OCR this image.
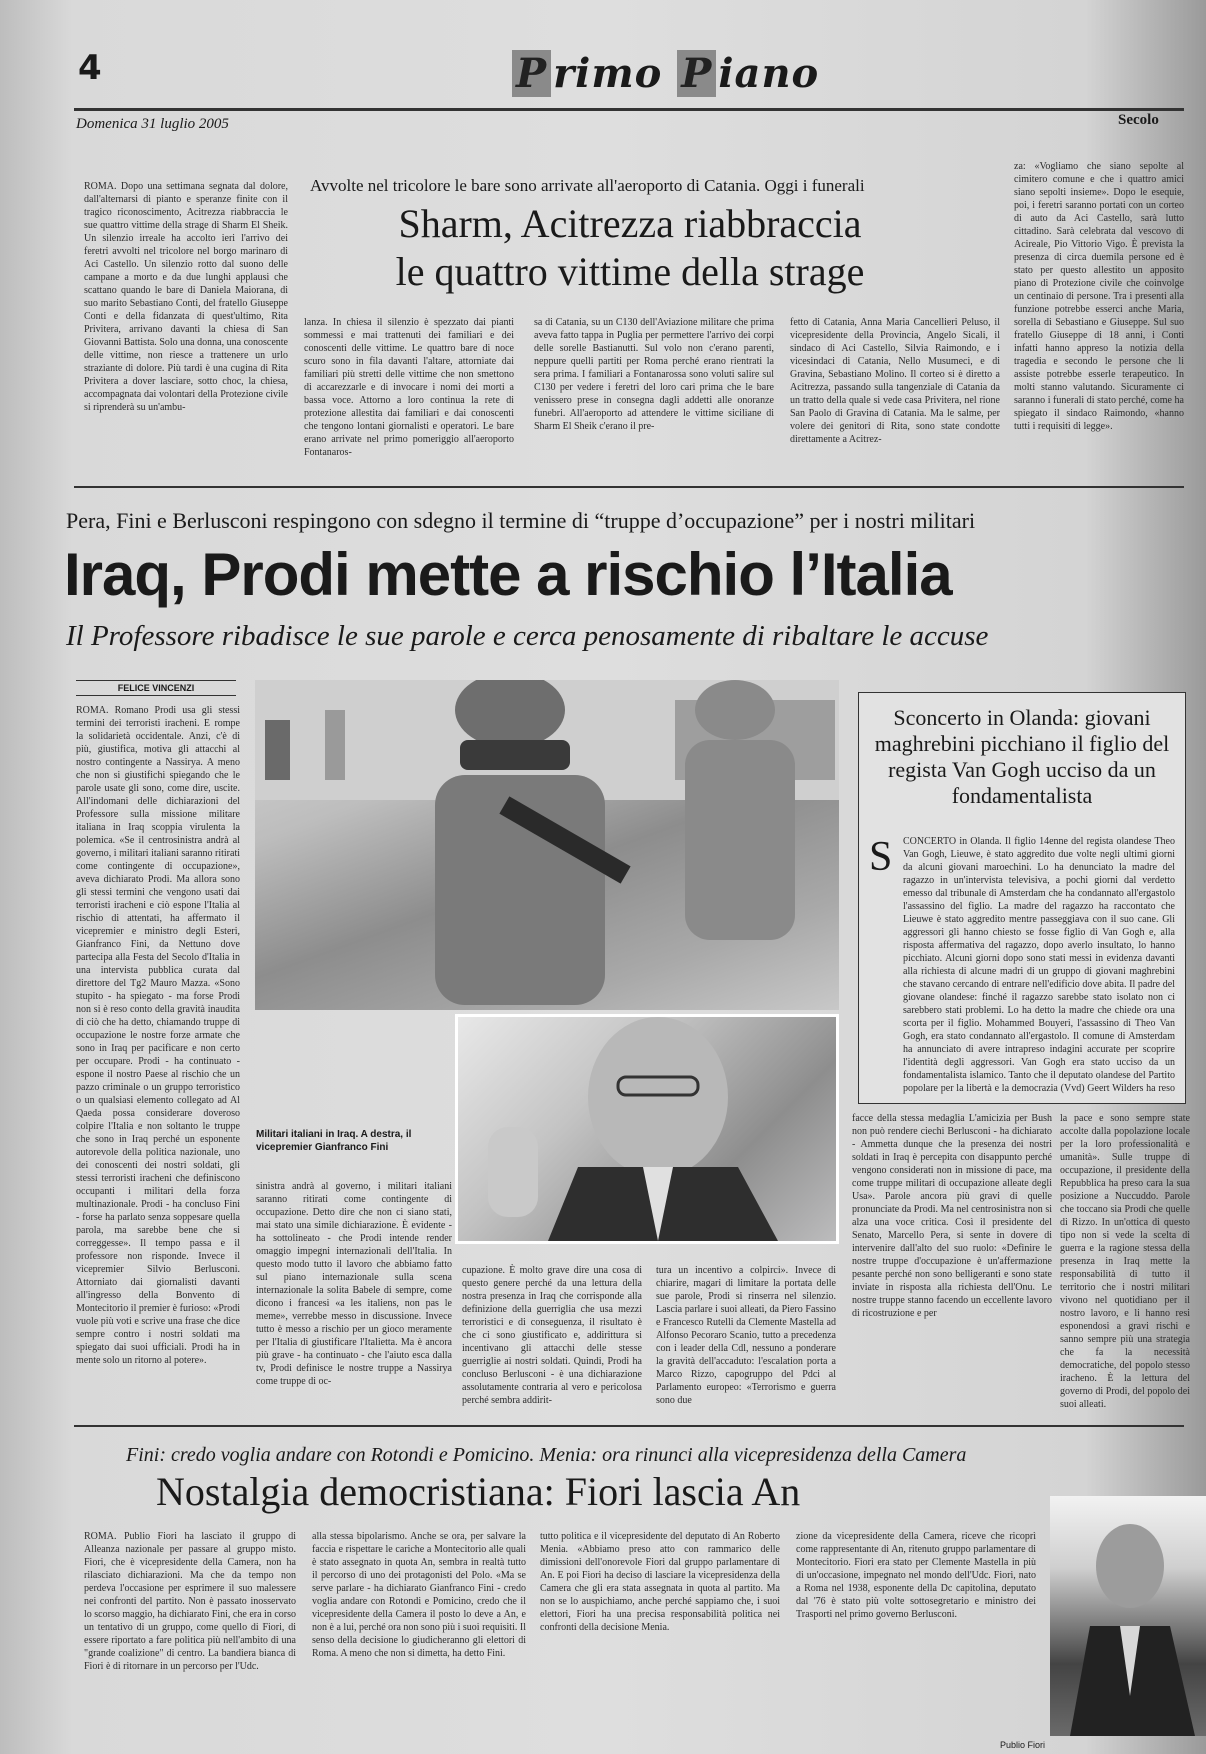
4	P rimo P iano
Domenica 31 luglio 2005	Secolo
ROMA. Dopo una settimana segnata dal dolore, dall'alternarsi di pianto e speranze finite con il tragico riconoscimento, Acitrezza riabbraccia le sue quattro vittime della strage di Sharm El Sheik. Un silenzio irreale ha accolto ieri l'arrivo dei feretri avvolti nel tricolore nel borgo marinaro di Aci Castello. Un silenzio rotto dal suono delle campane a morto e da due lunghi applausi che scattano quando le bare di Daniela Maiorana, di suo marito Sebastiano Conti, del fratello Giuseppe Conti e della fidanzata di quest'ultimo, Rita Privitera, arrivano davanti la chiesa di San Giovanni Battista. Solo una donna, una conoscente delle vittime, non riesce a trattenere un urlo straziante di dolore. Più tardi è una cugina di Rita Privitera a dover lasciare, sotto choc, la chiesa, accompagnata dai volontari della Protezione civile si riprenderà su un'ambu-
Avvolte nel tricolore le bare sono arrivate all'aeroporto di Catania. Oggi i funerali
Sharm, Acitrezza riabbraccia
le quattro vittime della strage
lanza. In chiesa il silenzio è spezzato dai pianti sommessi e mai trattenuti dei familiari e dei conoscenti delle vittime. Le quattro bare di noce scuro sono in fila davanti l'altare, attorniate dai familiari più stretti delle vittime che non smettono di accarezzarle e di invocare i nomi dei morti a bassa voce. Attorno a loro continua la rete di protezione allestita dai familiari e dai conoscenti che tengono lontani giornalisti e operatori. Le bare erano arrivate nel primo pomeriggio all'aeroporto Fontanaros-
sa di Catania, su un C130 dell'Aviazione militare che prima aveva fatto tappa in Puglia per permettere l'arrivo dei corpi delle sorelle Bastianutti. Sul volo non c'erano parenti, neppure quelli partiti per Roma perché erano rientrati la sera prima. I familiari a Fontanarossa sono voluti salire sul C130 per vedere i feretri del loro cari prima che le bare venissero prese in consegna dagli addetti alle onoranze funebri. All'aeroporto ad attendere le vittime siciliane di Sharm El Sheik c'erano il pre-
fetto di Catania, Anna Maria Cancellieri Peluso, il vicepresidente della Provincia, Angelo Sicali, il sindaco di Aci Castello, Silvia Raimondo, e i vicesindaci di Catania, Nello Musumeci, e di Gravina, Sebastiano Molino. Il corteo si è diretto a Acitrezza, passando sulla tangenziale di Catania da un tratto della quale si vede casa Privitera, nel rione San Paolo di Gravina di Catania. Ma le salme, per volere dei genitori di Rita, sono state condotte direttamente a Acitrez-
za: «Vogliamo che siano sepolte al cimitero comune e che i quattro amici siano sepolti insieme». Dopo le esequie, poi, i feretri saranno portati con un corteo di auto da Aci Castello, sarà lutto cittadino. Sarà celebrata dal vescovo di Acireale, Pio Vittorio Vigo. È prevista la presenza di circa duemila persone ed è stato per questo allestito un apposito piano di Protezione civile che coinvolge un centinaio di persone. Tra i presenti alla funzione potrebbe esserci anche Maria, sorella di Sebastiano e Giuseppe. Sul suo fratello Giuseppe di 18 anni, i Conti infatti hanno appreso la notizia della tragedia e secondo le persone che li assiste potrebbe esserle terapeutico. In molti stanno valutando. Sicuramente ci saranno i funerali di stato perché, come ha spiegato il sindaco Raimondo, «hanno tutti i requisiti di legge».
Pera, Fini e Berlusconi respingono con sdegno il termine di “truppe d’occupazione” per i nostri militari
Iraq, Prodi mette a rischio l’Italia
Il Professore ribadisce le sue parole e cerca penosamente di ribaltare le accuse
FELICE VINCENZI
ROMA. Romano Prodi usa gli stessi termini dei terroristi iracheni. E rompe la solidarietà occidentale. Anzi, c'è di più, giustifica, motiva gli attacchi al nostro contingente a Nassirya. A meno che non si giustifichi spiegando che le parole usate gli sono, come dire, uscite. All'indomani delle dichiarazioni del Professore sulla missione militare italiana in Iraq scoppia virulenta la polemica. «Se il centrosinistra andrà al governo, i militari italiani saranno ritirati come contingente di occupazione», aveva dichiarato Prodi. Ma allora sono gli stessi termini che vengono usati dai terroristi iracheni e ciò espone l'Italia al rischio di attentati, ha affermato il vicepremier e ministro degli Esteri, Gianfranco Fini, da Nettuno dove partecipa alla Festa del Secolo d'Italia in una intervista pubblica curata dal direttore del Tg2 Mauro Mazza. «Sono stupito - ha spiegato - ma forse Prodi non si è reso conto della gravità inaudita di ciò che ha detto, chiamando truppe di occupazione le nostre forze armate che sono in Iraq per pacificare e non certo per occupare. Prodi - ha continuato - espone il nostro Paese al rischio che un pazzo criminale o un gruppo terroristico o un qualsiasi elemento collegato ad Al Qaeda possa considerare doveroso colpire l'Italia e non soltanto le truppe che sono in Iraq perché un esponente autorevole della politica nazionale, uno dei conoscenti dei nostri soldati, gli stessi terroristi iracheni che definiscono occupanti i militari della forza multinazionale. Prodi - ha concluso Fini - forse ha parlato senza soppesare quella parola, ma sarebbe bene che si correggesse». Il tempo passa e il professore non risponde. Invece il vicepremier Silvio Berlusconi. Attorniato dai giornalisti davanti all'ingresso della Bonvento di Montecitorio il premier è furioso: «Prodi vuole più voti e scrive una frase che dice sempre contro i nostri soldati ma spiegato dai suoi ufficiali. Prodi ha in mente solo un ritorno al potere».
Militari italiani in Iraq. A destra, il vicepremier Gianfranco Fini
sinistra andrà al governo, i militari italiani saranno ritirati come contingente di occupazione. Detto dire che non ci siano stati, mai stato una simile dichiarazione. È evidente - ha sottolineato - che Prodi intende render omaggio impegni internazionali dell'Italia. In questo modo tutto il lavoro che abbiamo fatto sul piano internazionale sulla scena internazionale la solita Babele di sempre, come dicono i francesi «a les italiens, non pas le meme», verrebbe messo in discussione. Invece tutto è messo a rischio per un gioco meramente per l'Italia di giustificare l'Italietta. Ma è ancora più grave - ha continuato - che l'aiuto esca dalla tv, Prodi definisce le nostre truppe a Nassirya come truppe di oc-
cupazione. È molto grave dire una cosa di questo genere perché da una lettura della nostra presenza in Iraq che corrisponde alla definizione della guerriglia che usa mezzi terroristici e di conseguenza, il risultato è che ci sono giustificato e, addirittura si incentivano gli attacchi delle stesse guerriglie ai nostri soldati. Quindi, Prodi ha concluso Berlusconi - è una dichiarazione assolutamente contraria al vero e pericolosa perché sembra addirit-
tura un incentivo a colpirci». Invece di chiarire, magari di limitare la portata delle sue parole, Prodi si rinserra nel silenzio. Lascia parlare i suoi alleati, da Piero Fassino e Francesco Rutelli da Clemente Mastella ad Alfonso Pecoraro Scanio, tutto a precedenza con i leader della Cdl, nessuno a ponderare la gravità dell'accaduto: l'escalation porta a Marco Rizzo, capogruppo del Pdci al Parlamento europeo: «Terrorismo e guerra sono due
facce della stessa medaglia L'amicizia per Bush non può rendere ciechi Berlusconi - ha dichiarato - Ammetta dunque che la presenza dei nostri soldati in Iraq è percepita con disappunto perché vengono considerati non in missione di pace, ma come truppe militari di occupazione alleate degli Usa». Parole ancora più gravi di quelle pronunciate da Prodi. Ma nel centrosinistra non si alza una voce critica. Così il presidente del Senato, Marcello Pera, si sente in dovere di intervenire dall'alto del suo ruolo: «Definire le nostre truppe d'occupazione è un'affermazione pesante perché non sono belligeranti e sono state inviate in risposta alla richiesta dell'Onu. Le nostre truppe stanno facendo un eccellente lavoro di ricostruzione e per
la pace e sono sempre state accolte dalla popolazione locale per la loro professionalità e umanità». Sulle truppe di occupazione, il presidente della Repubblica ha preso cara la sua posizione a Nuccuddo. Parole che toccano sia Prodi che quelle di Rizzo. In un'ottica di questo tipo non si vede la scelta di guerra e la ragione stessa della presenza in Iraq mette la responsabilità di tutto il territorio che i nostri militari vivono nel quotidiano per il nostro lavoro, e li hanno resi esponendosi a gravi rischi e sanno sempre più una strategia che fa la necessità democratiche, del popolo stesso iracheno. È la lettura del governo di Prodi, del popolo dei suoi alleati.
Sconcerto in Olanda: giovani maghrebini picchiano il figlio del regista Van Gogh ucciso da un fondamentalista
S CONCERTO in Olanda. Il figlio 14enne del regista olandese Theo Van Gogh, Lieuwe, è stato aggredito due volte negli ultimi giorni da alcuni giovani maroechini. Lo ha denunciato la madre del ragazzo in un'intervista televisiva, a pochi giorni dal verdetto emesso dal tribunale di Amsterdam che ha condannato all'ergastolo l'assassino del figlio. La madre del ragazzo ha raccontato che Lieuwe è stato aggredito mentre passeggiava con il suo cane. Gli aggressori gli hanno chiesto se fosse figlio di Van Gogh e, alla risposta affermativa del ragazzo, dopo averlo insultato, lo hanno picchiato. Alcuni giorni dopo sono stati messi in evidenza davanti alla richiesta di alcune madri di un gruppo di giovani maghrebini che stavano cercando di entrare nell'edificio dove abita. Il padre del giovane olandese: finché il ragazzo sarebbe stato isolato non ci sarebbero stati problemi. Lo ha detto la madre che chiede ora una scorta per il figlio. Mohammed Bouyeri, l'assassino di Theo Van Gogh, era stato condannato all'ergastolo. Il comune di Amsterdam ha annunciato di avere intrapreso indagini accurate per scoprire l'identità degli aggressori. Van Gogh era stato ucciso da un fondamentalista islamico. Tanto che il deputato olandese del Partito popolare per la libertà e la democrazia (Vvd) Geert Wilders ha reso
Fini: credo voglia andare con Rotondi e Pomicino. Menia: ora rinunci alla vicepresidenza della Camera
Nostalgia democristiana: Fiori lascia An
ROMA. Publio Fiori ha lasciato il gruppo di Alleanza nazionale per passare al gruppo misto. Fiori, che è vicepresidente della Camera, non ha rilasciato dichiarazioni. Ma che da tempo non perdeva l'occasione per esprimere il suo malessere nei confronti del partito. Non è passato inosservato lo scorso maggio, ha dichiarato Fini, che era in corso un tentativo di un gruppo, come quello di Fiori, di essere riportato a fare politica più nell'ambito di una "grande coalizione" di centro. La bandiera bianca di Fiori è di ritornare in un percorso per l'Udc.
alla stessa bipolarismo. Anche se ora, per salvare la faccia e rispettare le cariche a Montecitorio alle quali è stato assegnato in quota An, sembra in realtà tutto il percorso di uno dei protagonisti del Polo. «Ma se serve parlare - ha dichiarato Gianfranco Fini - credo voglia andare con Rotondi e Pomicino, credo che il vicepresidente della Camera il posto lo deve a An, e non è a lui, perché ora non sono più i suoi requisiti. Il senso della decisione lo giudicheranno gli elettori di Roma. A meno che non si dimetta, ha detto Fini.
tutto politica e il vicepresidente del deputato di An Roberto Menia. «Abbiamo preso atto con rammarico delle dimissioni dell'onorevole Fiori dal gruppo parlamentare di An. E poi Fiori ha deciso di lasciare la vicepresidenza della Camera che gli era stata assegnata in quota al partito. Ma non se lo auspichiamo, anche perché sappiamo che, i suoi elettori, Fiori ha una precisa responsabilità politica nei confronti della decisione Menia.
zione da vicepresidente della Camera, riceve che ricoprì come rappresentante di An, ritenuto gruppo parlamentare di Montecitorio. Fiori era stato per Clemente Mastella in più di un'occasione, impegnato nel mondo dell'Udc. Fiori, nato a Roma nel 1938, esponente della Dc capitolina, deputato dal '76 è stato più volte sottosegretario e ministro dei Trasporti nel primo governo Berlusconi.
Publio Fiori
